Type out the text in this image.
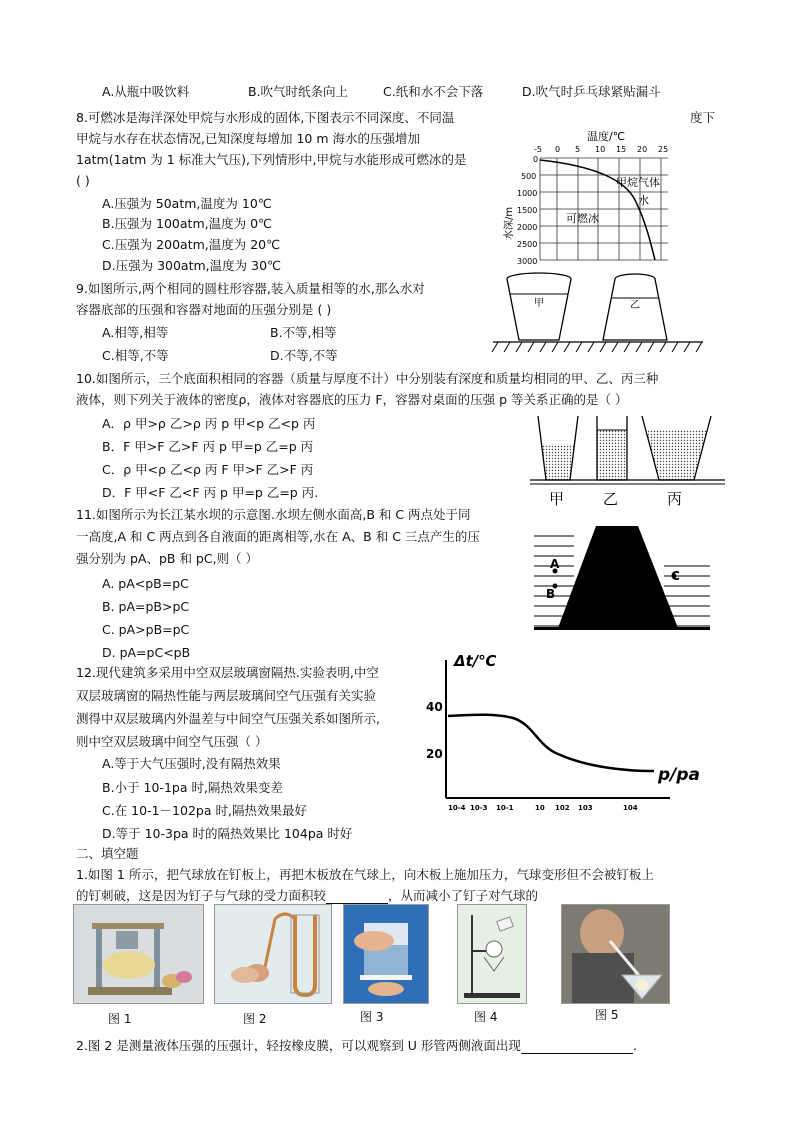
A.从瓶中吸饮料	B.吹气时纸条向上	C.纸和水不会下落	D.吹气时乒乓球紧贴漏斗
8.可燃冰是海洋深处甲烷与水形成的固体,下图表示不同深度、不同温	度下
甲烷与水存在状态情况,已知深度每增加 10 m 海水的压强增加
1atm(1atm 为 1 标准大气压),下列情形中,甲烷与水能形成可燃冰的是
( )
A.压强为 50atm,温度为 10℃
B.压强为 100atm,温度为 0℃
C.压强为 200atm,温度为 20℃
D.压强为 300atm,温度为 30℃
温度/℃
-5 0 5 10 15 20 25
0
500
1000
1500
2000
2500
3000
甲烷气体
水
可燃冰
水深/m
9.如图所示,两个相同的圆柱形容器,装入质量相等的水,那么水对
容器底部的压强和容器对地面的压强分别是 ( )
A.相等,相等	B.不等,相等
C.相等,不等	D.不等,不等
甲	乙
10.如图所示，三个底面积相同的容器（质量与厚度不计）中分别装有深度和质量均相同的甲、乙、丙三种
液体，则下列关于液体的密度ρ，液体对容器底的压力 F，容器对桌面的压强 p 等关系正确的是（ ）
A．ρ 甲>ρ 乙>ρ 丙 p 甲<p 乙<p 丙
B．F 甲>F 乙>F 丙 p 甲=p 乙=p 丙
C．ρ 甲<ρ 乙<ρ 丙 F 甲>F 乙>F 丙
D．F 甲<F 乙<F 丙 p 甲=p 乙=p 丙.	甲	乙	丙
11.如图所示为长江某水坝的示意图.水坝左侧水面高,B 和 C 两点处于同
一高度,A 和 C 两点到各自液面的距离相等,水在 A、B 和 C 三点产生的压
强分别为 pA、pB 和 pC,则（ ）
A. pA<pB=pC
B. pA=pB>pC
C. pA>pB=pC
D. pA=pC<pB
A
B
C
12.现代建筑多采用中空双层玻璃窗隔热.实验表明,中空
双层玻璃窗的隔热性能与两层玻璃间空气压强有关实验
测得中双层玻璃内外温差与中间空气压强关系如图所示,
则中空双层玻璃中间空气压强（ ）
A.等于大气压强时,没有隔热效果
B.小于 10-1pa 时,隔热效果变差
C.在 10-1－102pa 时,隔热效果最好
D.等于 10-3pa 时的隔热效果比 104pa 时好
Δt/℃
40
20
p/pa
10-4 10-3 10-1	10 102 103	104
二、填空题
1.如图 1 所示，把气球放在钉板上，再把木板放在气球上，向木板上施加压力，气球变形但不会被钉板上
的钉刺破，这是因为钉子与气球的受力面积较	，从而减小了钉子对气球的
图 1	图 2	图 3	图 4	图 5
2.图 2 是测量液体压强的压强计，轻按橡皮膜，可以观察到 U 形管两侧液面出现	.
